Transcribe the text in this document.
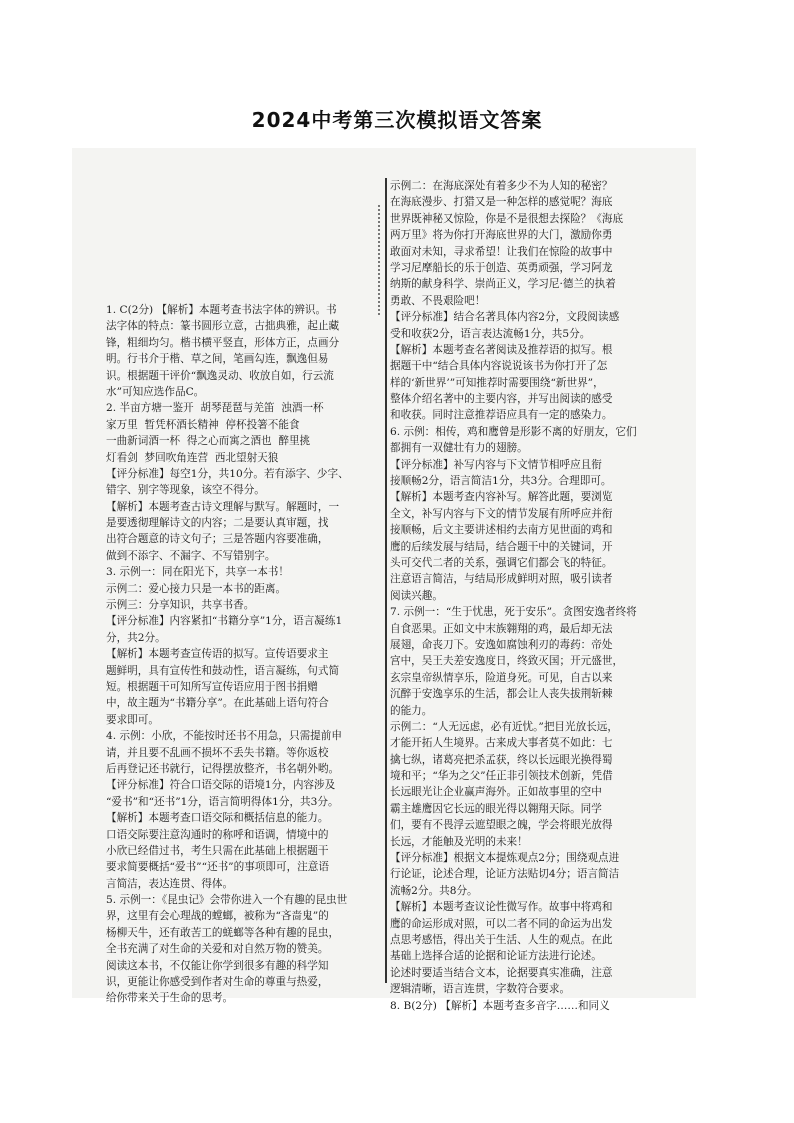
2024中考第三次模拟语文答案
1. C(2分) 【解析】本题考查书法字体的辨识。书
法字体的特点：篆书圆形立意，古拙典雅，起止藏
锋，粗细均匀。楷书横平竖直，形体方正，点画分
明。行书介于楷、草之间，笔画勾连，飘逸但易
识。根据题干评价“飘逸灵动、收放自如，行云流
水”可知应选作品C。
2. 半亩方塘一鉴开  胡琴琵琶与羌笛  浊酒一杯
家万里  暂凭杯酒长精神  停杯投箸不能食
一曲新词酒一杯  得之心而寓之酒也  醉里挑
灯看剑  梦回吹角连营  西北望射天狼
【评分标准】每空1分，共10分。若有添字、少字、
错字、别字等现象，该空不得分。
【解析】本题考查古诗文理解与默写。解题时，一
是要透彻理解诗文的内容；二是要认真审题，找
出符合题意的诗文句子；三是答题内容要准确，
做到不添字、不漏字、不写错别字。
3. 示例一：同在阳光下，共享一本书！
示例二：爱心接力只是一本书的距离。
示例三：分享知识，共享书香。
【评分标准】内容紧扣“书籍分享”1分，语言凝练1
分，共2分。
【解析】本题考查宣传语的拟写。宣传语要求主
题鲜明，具有宣传性和鼓动性，语言凝练，句式简
短。根据题干可知所写宣传语应用于图书捐赠
中，故主题为“书籍分享”。在此基础上语句符合
要求即可。
4. 示例：小欣，不能按时还书不用急，只需提前申
请，并且要不乱画不损坏不丢失书籍。等你返校
后再登记还书就行，记得摆放整齐，书名朝外哟。
【评分标准】符合口语交际的语境1分，内容涉及
“爱书”和“还书”1分，语言简明得体1分，共3分。
【解析】本题考查口语交际和概括信息的能力。
口语交际要注意沟通时的称呼和语调，情境中的
小欣已经借过书，考生只需在此基础上根据题干
要求简要概括“爱书”“还书”的事项即可，注意语
言简洁，表达连贯、得体。
5. 示例一：《昆虫记》会带你进入一个有趣的昆虫世
界，这里有会心理战的螳螂，被称为“吝啬鬼”的
杨柳天牛，还有敢苦工的蜣螂等各种有趣的昆虫，
全书充满了对生命的关爱和对自然万物的赞美。
阅读这本书，不仅能让你学到很多有趣的科学知
识，更能让你感受到作者对生命的尊重与热爱，
给你带来关于生命的思考。
示例二：在海底深处有着多少不为人知的秘密？
在海底漫步、打猎又是一种怎样的感觉呢？海底
世界既神秘又惊险，你是不是很想去探险？《海底
两万里》将为你打开海底世界的大门，激励你勇
敢面对未知，寻求希望！让我们在惊险的故事中
学习尼摩船长的乐于创造、英勇顽强，学习阿龙
纳斯的献身科学、崇尚正义，学习尼·德兰的执着
勇敢、不畏艰险吧！
【评分标准】结合名著具体内容2分，文段阅读感
受和收获2分，语言表达流畅1分，共5分。
【解析】本题考查名著阅读及推荐语的拟写。根
据题干中“结合具体内容说说该书为你打开了怎
样的‘新世界’”可知推荐时需要围绕“新世界”，
整体介绍名著中的主要内容，并写出阅读的感受
和收获。同时注意推荐语应具有一定的感染力。
6. 示例：相传，鸡和鹰曾是形影不离的好朋友，它们
都拥有一双健壮有力的翅膀。
【评分标准】补写内容与下文情节相呼应且衔
接顺畅2分，语言简洁1分，共3分。合理即可。
【解析】本题考查内容补写。解答此题，要浏览
全文，补写内容与下文的情节发展有所呼应并衔
接顺畅，后文主要讲述相约去南方见世面的鸡和
鹰的后续发展与结局，结合题干中的关键词，开
头可交代二者的关系，强调它们都会飞的特征。
注意语言简洁，与结局形成鲜明对照，吸引读者
阅读兴趣。
7. 示例一：“生于忧患，死于安乐”。贪图安逸者终将
自食恶果。正如文中末族翱翔的鸡，最后却无法
展翅，命丧刀下。安逸如腐蚀利刃的毒药：帝处
宫中，吴王夫差安逸度日，终致灭国；开元盛世，
玄宗皇帝纵情享乐，险道身死。可见，自古以来
沉醉于安逸享乐的生活，都会让人丧失拔荆斩棘
的能力。
示例二：“人无远虑，必有近忧。”把目光放长远，
才能开拓人生境界。古来成大事者莫不如此：七
擒七纵，诸葛亮把杀孟获，终以长远眼光换得蜀
境和平；“华为之父”任正非引领技术创新，凭借
长远眼光让企业赢声海外。正如故事里的空中
霸主雄鹰因它长远的眼光得以翱翔天际。同学
们，要有不畏浮云遮望眼之魄，学会将眼光放得
长远，才能触及光明的未来！
【评分标准】根据文本提炼观点2分；围绕观点进
行论证，论述合理，论证方法贴切4分；语言简洁
流畅2分。共8分。
【解析】本题考查议论性微写作。故事中将鸡和
鹰的命运形成对照，可以二者不同的命运为出发
点思考感悟，得出关于生活、人生的观点。在此
基础上选择合适的论据和论证方法进行论述。
论述时要适当结合文本，论据要真实准确，注意
逻辑清晰，语言连贯，字数符合要求。
8. B(2分) 【解析】本题考查多音字……和同义
